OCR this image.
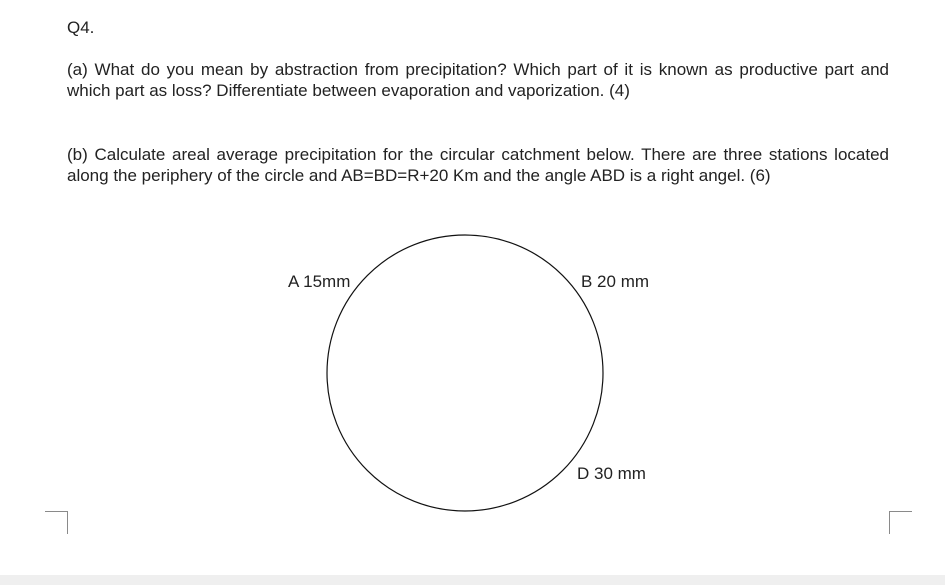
Q4.

(a) What do you mean by abstraction from precipitation? Which part of it is known as productive part and which part as loss? Differentiate between evaporation and vaporization. (4)

(b) Calculate areal average precipitation for the circular catchment below. There are three stations located along the periphery of the circle and AB=BD=R+20 Km and the angle ABD is a right angel. (6)

A 15mm	B 20 mm
D 30 mm
